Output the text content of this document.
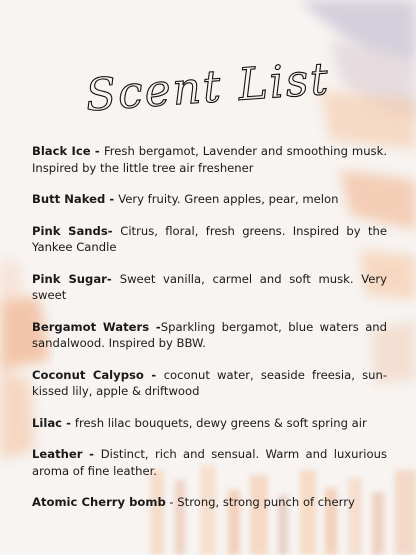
Scent List

Black Ice - Fresh bergamot, Lavender and smoothing musk. Inspired by the little tree air freshener

Butt Naked - Very fruity. Green apples, pear, melon

Pink Sands- Citrus, floral, fresh greens. Inspired by the Yankee Candle

Pink Sugar- Sweet vanilla, carmel and soft musk. Very sweet

Bergamot Waters -Sparkling bergamot, blue waters and sandalwood. Inspired by BBW.

Coconut Calypso - coconut water, seaside freesia, sun-kissed lily, apple & driftwood

Lilac - fresh lilac bouquets, dewy greens & soft spring air

Leather - Distinct, rich and sensual. Warm and luxurious aroma of fine leather.

Atomic Cherry bomb - Strong, strong punch of cherry
